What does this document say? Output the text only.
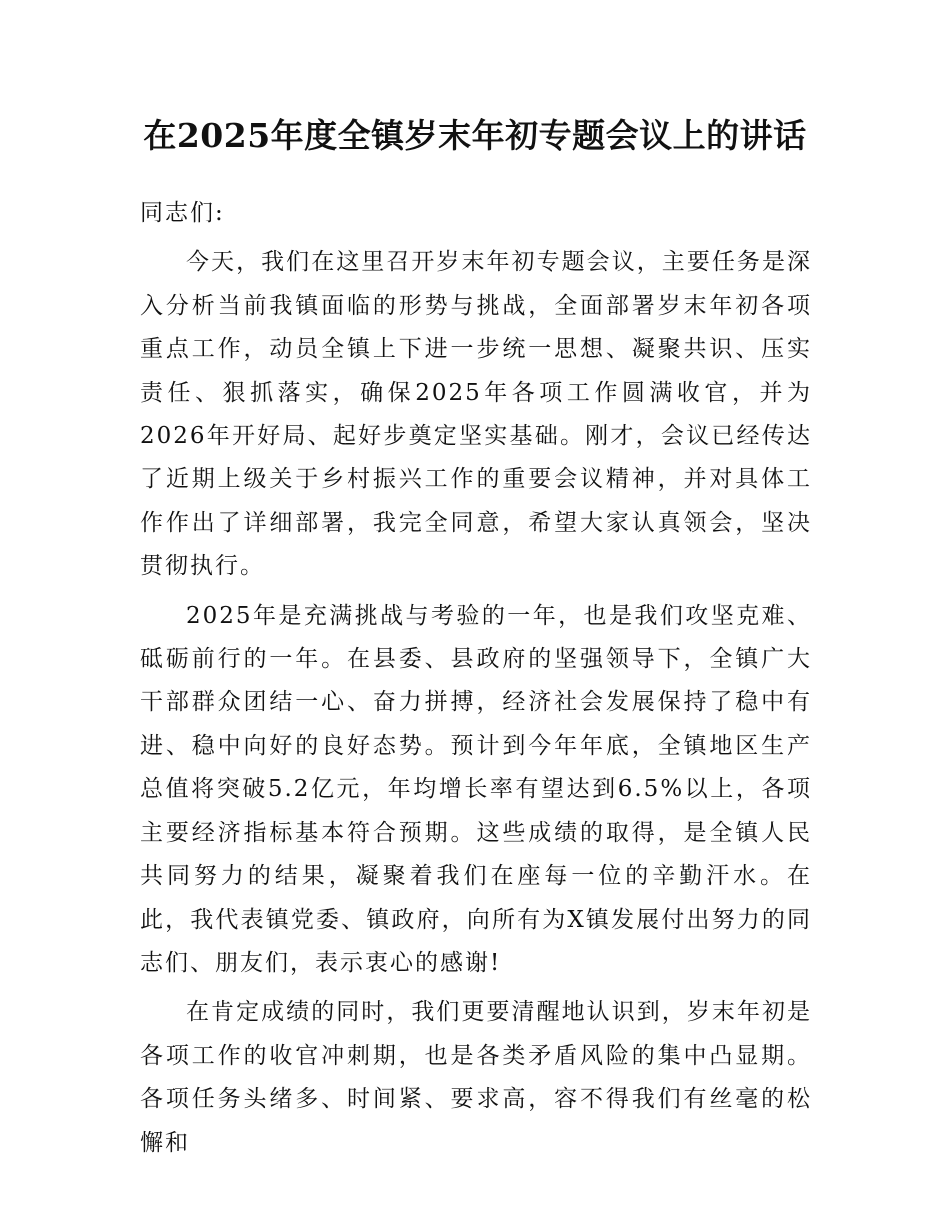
在2025年度全镇岁末年初专题会议上的讲话

同志们:

今天，我们在这里召开岁末年初专题会议，主要任务是深入分析当前我镇面临的形势与挑战，全面部署岁末年初各项重点工作，动员全镇上下进一步统一思想、凝聚共识、压实责任、狠抓落实，确保2025年各项工作圆满收官，并为2026年开好局、起好步奠定坚实基础。刚才，会议已经传达了近期上级关于乡村振兴工作的重要会议精神，并对具体工作作出了详细部署，我完全同意，希望大家认真领会，坚决贯彻执行。

2025年是充满挑战与考验的一年，也是我们攻坚克难、砥砺前行的一年。在县委、县政府的坚强领导下，全镇广大干部群众团结一心、奋力拼搏，经济社会发展保持了稳中有进、稳中向好的良好态势。预计到今年年底，全镇地区生产总值将突破5.2亿元，年均增长率有望达到6.5%以上，各项主要经济指标基本符合预期。这些成绩的取得，是全镇人民共同努力的结果，凝聚着我们在座每一位的辛勤汗水。在此，我代表镇党委、镇政府，向所有为X镇发展付出努力的同志们、朋友们，表示衷心的感谢!

在肯定成绩的同时，我们更要清醒地认识到，岁末年初是各项工作的收官冲刺期，也是各类矛盾风险的集中凸显期。各项任务头绪多、时间紧、要求高，容不得我们有丝毫的松懈和
